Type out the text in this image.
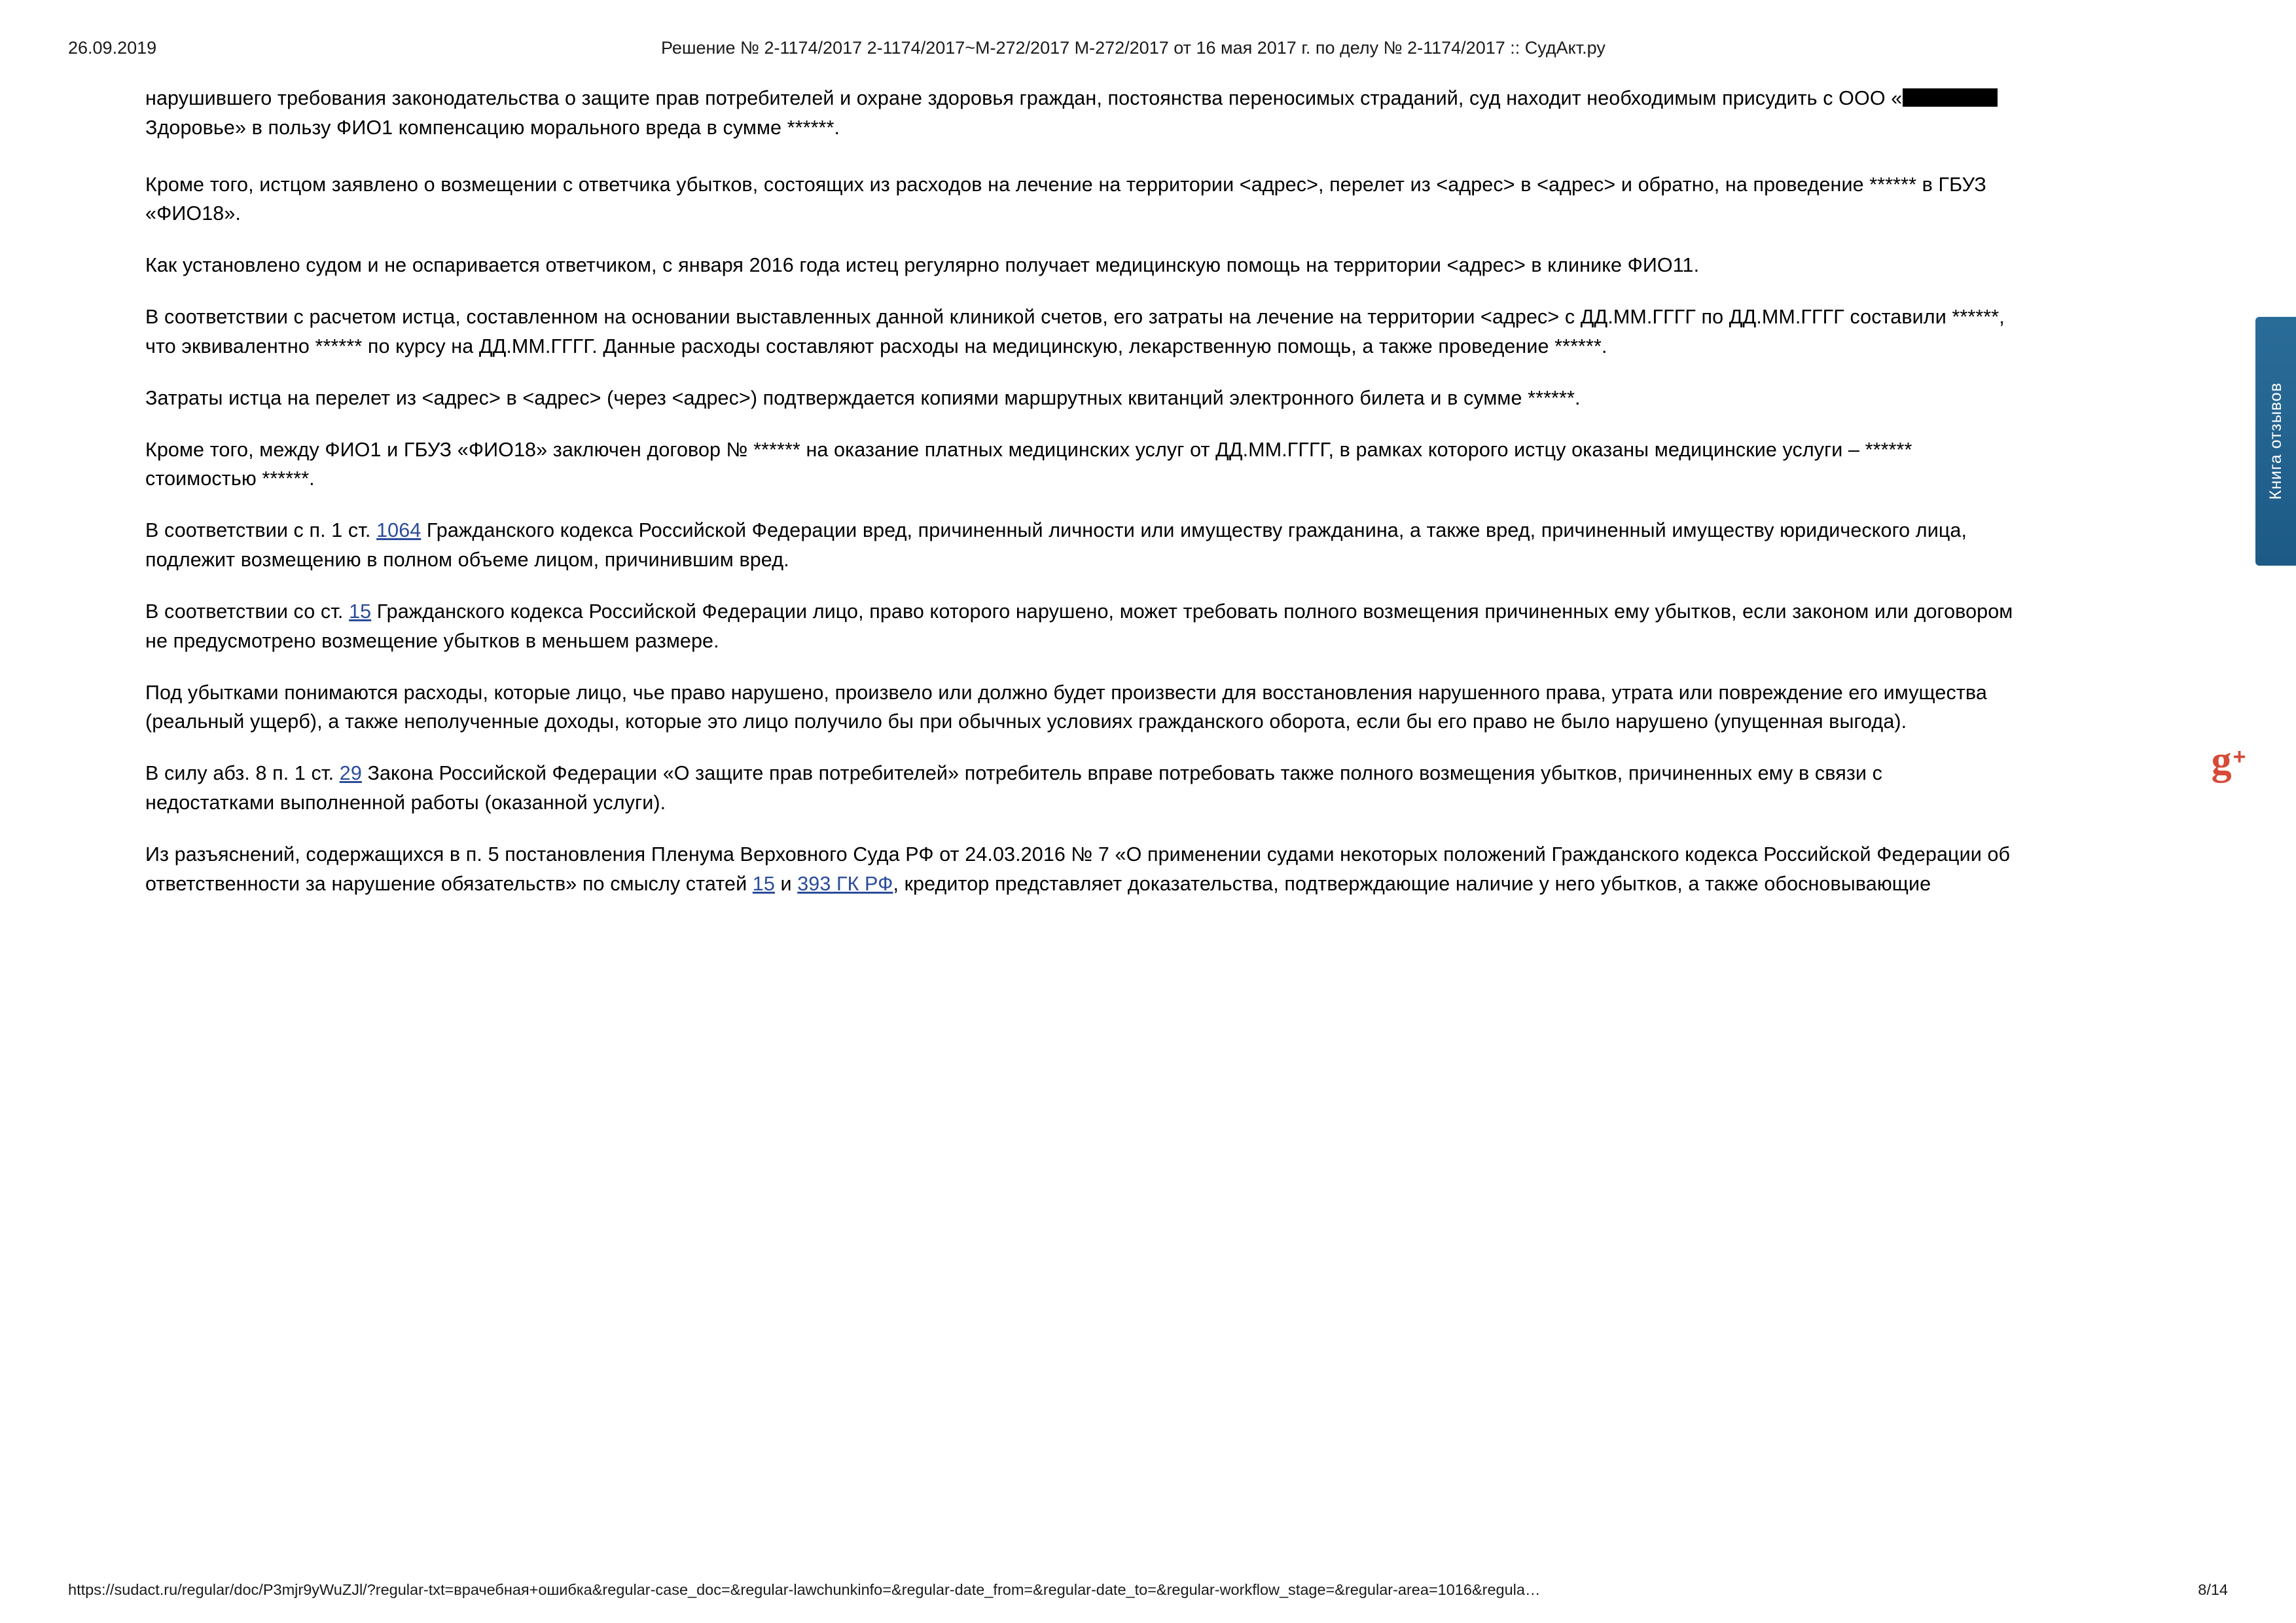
26.09.2019	Решение № 2-1174/2017 2-1174/2017~М-272/2017 М-272/2017 от 16 мая 2017 г. по делу № 2-1174/2017 :: СудАкт.ру
нарушившего требования законодательства о защите прав потребителей и охране здоровья граждан, постоянства переносимых страданий, суд находит необходимым присудить с ООО «Здоровье» в пользу ФИО1 компенсацию морального вреда в сумме ******.
Кроме того, истцом заявлено о возмещении с ответчика убытков, состоящих из расходов на лечение на территории <адрес>, перелет из <адрес> в <адрес> и обратно, на проведение ****** в ГБУЗ «ФИО18».
Как установлено судом и не оспаривается ответчиком, с января 2016 года истец регулярно получает медицинскую помощь на территории <адрес> в клинике ФИО11.
В соответствии с расчетом истца, составленном на основании выставленных данной клиникой счетов, его затраты на лечение на территории <адрес> с ДД.ММ.ГГГГ по ДД.ММ.ГГГГ составили ******, что эквивалентно ****** по курсу на ДД.ММ.ГГГГ. Данные расходы составляют расходы на медицинскую, лекарственную помощь, а также проведение ******.
Затраты истца на перелет из <адрес> в <адрес> (через <адрес>) подтверждается копиями маршрутных квитанций электронного билета и в сумме ******.
Кроме того, между ФИО1 и ГБУЗ «ФИО18» заключен договор № ****** на оказание платных медицинских услуг от ДД.ММ.ГГГГ, в рамках которого истцу оказаны медицинские услуги – ****** стоимостью ******.
В соответствии с п. 1 ст. 1064 Гражданского кодекса Российской Федерации вред, причиненный личности или имуществу гражданина, а также вред, причиненный имуществу юридического лица, подлежит возмещению в полном объеме лицом, причинившим вред.
В соответствии со ст. 15 Гражданского кодекса Российской Федерации лицо, право которого нарушено, может требовать полного возмещения причиненных ему убытков, если законом или договором не предусмотрено возмещение убытков в меньшем размере.
Под убытками понимаются расходы, которые лицо, чье право нарушено, произвело или должно будет произвести для восстановления нарушенного права, утрата или повреждение его имущества (реальный ущерб), а также неполученные доходы, которые это лицо получило бы при обычных условиях гражданского оборота, если бы его право не было нарушено (упущенная выгода).
В силу абз. 8 п. 1 ст. 29 Закона Российской Федерации «О защите прав потребителей» потребитель вправе потребовать также полного возмещения убытков, причиненных ему в связи с недостатками выполненной работы (оказанной услуги).
Из разъяснений, содержащихся в п. 5 постановления Пленума Верховного Суда РФ от 24.03.2016 № 7 «О применении судами некоторых положений Гражданского кодекса Российской Федерации об ответственности за нарушение обязательств» по смыслу статей 15 и 393 ГК РФ, кредитор представляет доказательства, подтверждающие наличие у него убытков, а также обосновывающие
Книга отзывов
g +
https://sudact.ru/regular/doc/P3mjr9yWuZJl/?regular-txt=врачебная+ошибка&regular-case_doc=&regular-lawchunkinfo=&regular-date_from=&regular-date_to=&regular-workflow_stage=&regular-area=1016&regula…	8/14
